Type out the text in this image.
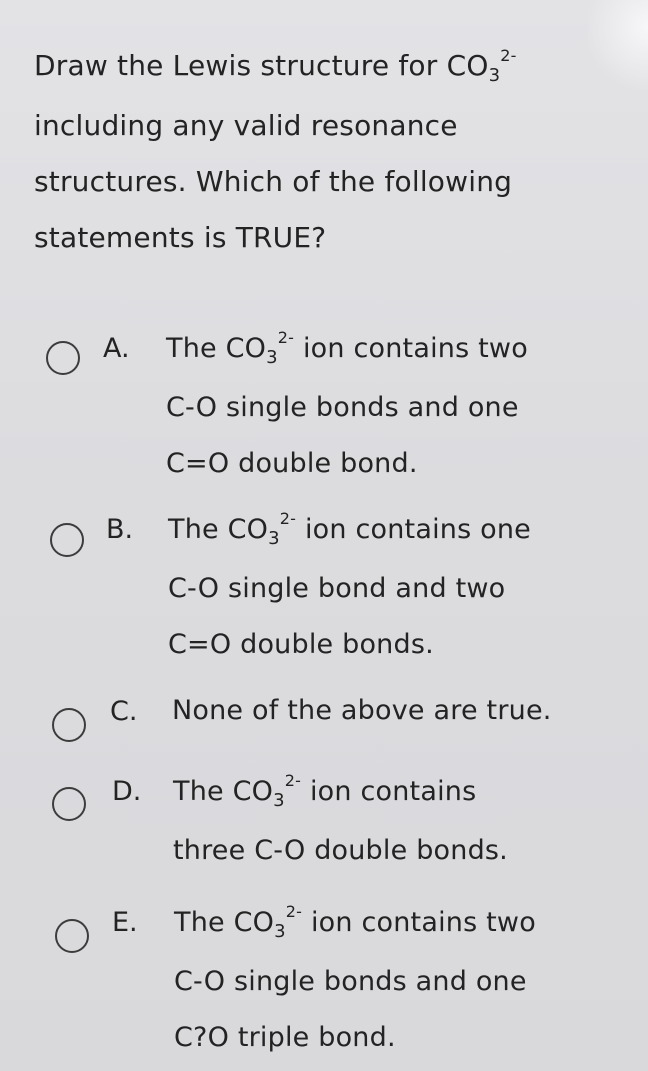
Draw the Lewis structure for $CO_3^{2-}$
including any valid resonance
structures. Which of the following
statements is TRUE?
A. The $CO_3^{2-}$ ion contains two
C-O single bonds and one
C=O double bond.
B. The $CO_3^{2-}$ ion contains one
C-O single bond and two
C=O double bonds.
C. None of the above are true.
D. The $CO_3^{2-}$ ion contains
three C-O double bonds.
E. The $CO_3^{2-}$ ion contains two
C-O single bonds and one
C?O triple bond.
